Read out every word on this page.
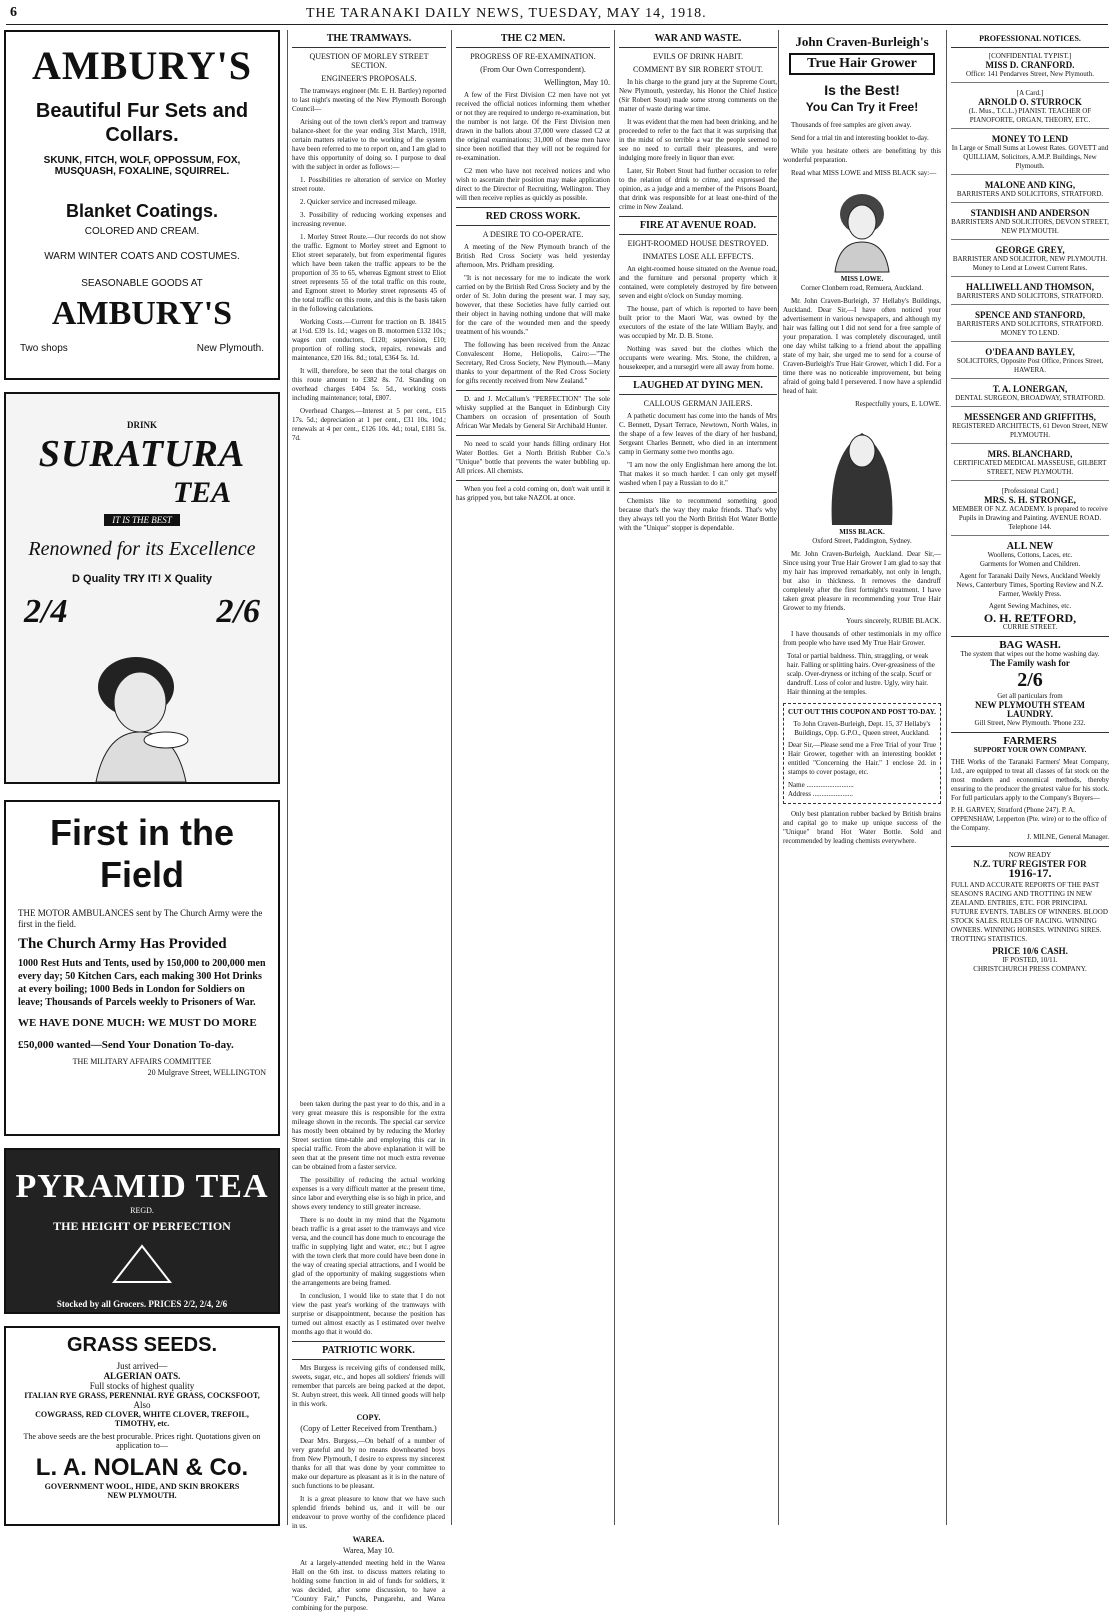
6	THE TARANAKI DAILY NEWS, TUESDAY, MAY 14, 1918.
AMBURY'S
Beautiful Fur Sets and Collars.
SKUNK, FITCH, WOLF, OPPOSSUM, FOX, MUSQUASH, FOXALINE, SQUIRREL.
Blanket Coatings.
COLORED AND CREAM.
WARM WINTER COATS AND COSTUMES.
SEASONABLE GOODS AT
AMBURY'S
Two shops	New Plymouth.
DRINK
SURATURA
TEA
IT IS THE BEST
Renowned for its Excellence
D Quality TRY IT! X Quality
2/4	2/6
First in the Field
THE MOTOR AMBULANCES sent by The Church Army were the first in the field.
The Church Army Has Provided
1000 Rest Huts and Tents, used by 150,000 to 200,000 men every day; 50 Kitchen Cars, each making 300 Hot Drinks at every boiling; 1000 Beds in London for Soldiers on leave; Thousands of Parcels weekly to Prisoners of War.
WE HAVE DONE MUCH: WE MUST DO MORE
£50,000 wanted—Send Your Donation To-day.
THE MILITARY AFFAIRS COMMITTEE
20 Mulgrave Street, WELLINGTON
PYRAMID TEA
REGD.
THE HEIGHT OF PERFECTION
Stocked by all Grocers. PRICES 2/2, 2/4, 2/6
GRASS SEEDS.
Just arrived—
ALGERIAN OATS.
Full stocks of highest quality
ITALIAN RYE GRASS, PERENNIAL RYE GRASS, COCKSFOOT,
Also
COWGRASS, RED CLOVER, WHITE CLOVER, TREFOIL, TIMOTHY, etc.
The above seeds are the best procurable. Prices right. Quotations given on application to—
L. A. NOLAN & Co.
GOVERNMENT WOOL, HIDE, AND SKIN BROKERS
NEW PLYMOUTH.
THE TRAMWAYS.
QUESTION OF MORLEY STREET SECTION.
ENGINEER'S PROPOSALS.

The tramways engineer (Mr. E. H. Bartley) reported to last night's meeting of the New Plymouth Borough Council—

Arising out of the town clerk's report and tramway balance-sheet for the year ending 31st March, 1918, certain matters relative to the working of the system have been referred to me to report on, and I am glad to have this opportunity of doing so. I purpose to deal with the subject in order as follows:—

1. Possibilities re alteration of service on Morley street route.

2. Quicker service and increased mileage.

3. Possibility of reducing working expenses and increasing revenue.

1. Morley Street Route.—Our records do not show the traffic. Egmont to Morley street and Egmont to Eliot street separately, but from experimental figures which have been taken the traffic appears to be the proportion of 35 to 65, whereas Egmont street to Eliot street represents 55 of the total traffic on this route, and Egmont street to Morley street represents 45 of the total traffic on this route, and this is the basis taken in the following calculations.

Working Costs.—Current for traction on B. 18415 at 1½d. £39 1s. 1d.; wages on B. motormen £132 10s.; wages cutt conductors, £120; supervision, £10; proportion of rolling stock, repairs, renewals and maintenance, £20 16s. 8d.; total, £364 5s. 1d.

It will, therefore, be seen that the total charges on this route amount to £382 8s. 7d. Standing on overhead charges £404 5s. 5d., working costs including maintenance; total, £807.

Overhead Charges.—Interest at 5 per cent., £15 17s. 5d.; depreciation at 1 per cent., £31 10s. 10d.; renewals at 4 per cent., £126 10s. 4d.; total, £181 5s. 7d.

been taken during the past year to do this, and in a very great measure this is responsible for the extra mileage shown in the records. The special car service has mostly been obtained by by reducing the Morley Street section time-table and employing this car in special traffic. From the above explanation it will be seen that at the present time not much extra revenue can be obtained from a faster service.

The possibility of reducing the actual working expenses is a very difficult matter at the present time, since labor and everything else is so high in price, and shows every tendency to still greater increase.

There is no doubt in my mind that the Ngamotu beach traffic is a great asset to the tramways and vice versa, and the council has done much to encourage the traffic in supplying light and water, etc.; but I agree with the town clerk that more could have been done in the way of creating special attractions, and I would be glad of the opportunity of making suggestions when the arrangements are being framed.

In conclusion, I would like to state that I do not view the past year's working of the tramways with surprise or disappointment, because the position has turned out almost exactly as I estimated over twelve months ago that it would do.

PATRIOTIC WORK.

Mrs Burgess is receiving gifts of condensed milk, sweets, sugar, etc., and hopes all soldiers' friends will remember that parcels are being packed at the depot, St. Aubyn street, this week. All tinned goods will help in this work.

COPY.
(Copy of Letter Received from Trentham.)

Dear Mrs. Burgess,—On behalf of a number of very grateful and by no means downhearted boys from New Plymouth, I desire to express my sincerest thanks for all that was done by your committee to make our departure as pleasant as it is in the nature of such functions to be pleasant.

It is a great pleasure to know that we have such splendid friends behind us, and it will be our endeavour to prove worthy of the confidence placed in us.

WAREA.
Warea, May 10.

At a largely-attended meeting held in the Warea Hall on the 6th inst. to discuss matters relating to holding some function in aid of funds for soldiers, it was decided, after some discussion, to have a "Country Fair," Punchs, Pungarehu, and Warea combining for the purpose.

THE C2 MEN.
PROGRESS OF RE-EXAMINATION.
(From Our Own Correspondent).
Wellington, May 10.

A few of the First Division C2 men have not yet received the official notices informing them whether or not they are required to undergo re-examination, but the number is not large. Of the First Division men drawn in the ballots about 37,000 were classed C2 at the original examinations; 31,000 of these men have since been notified that they will not be required for re-examination.

C2 men who have not received notices and who wish to ascertain their position may make application direct to the Director of Recruiting, Wellington. They will then receive replies as quickly as possible.

RED CROSS WORK.
A DESIRE TO CO-OPERATE.

A meeting of the New Plymouth branch of the British Red Cross Society was held yesterday afternoon, Mrs. Pridham presiding.

"It is not necessary for me to indicate the work carried on by the British Red Cross Society and by the order of St. John during the present war. I may say, however, that these Societies have fully carried out their object in having nothing undone that will make for the care of the wounded men and the speedy treatment of his wounds."

The following has been received from the Anzac Convalescent Home, Heliopolis, Cairo:—"The Secretary, Red Cross Society, New Plymouth.—Many thanks to your department of the Red Cross Society for gifts recently received from New Zealand."

D. and J. McCallum's "PERFECTION" The sole whisky supplied at the Banquet in Edinburgh City Chambers on occasion of presentation of South African War Medals by General Sir Archibald Hunter.

No need to scald your hands filling ordinary Hot Water Bottles. Get a North British Rubber Co.'s "Unique" bottle that prevents the water bubbling up. All prices. All chemists.

When you feel a cold coming on, don't wait until it has gripped you, but take NAZOL at once.

WAR AND WASTE.
EVILS OF DRINK HABIT.
COMMENT BY SIR ROBERT STOUT.

In his charge to the grand jury at the Supreme Court, New Plymouth, yesterday, his Honor the Chief Justice (Sir Robert Stout) made some strong comments on the matter of waste during war time.

It was evident that the men had been drinking, and he proceeded to refer to the fact that it was surprising that in the midst of so terrible a war the people seemed to see no need to curtail their pleasures, and were indulging more freely in liquor than ever.

Later, Sir Robert Stout had further occasion to refer to the relation of drink to crime, and expressed the opinion, as a judge and a member of the Prisons Board, that drink was responsible for at least one-third of the crime in New Zealand.

FIRE AT AVENUE ROAD.
EIGHT-ROOMED HOUSE DESTROYED.
INMATES LOSE ALL EFFECTS.

An eight-roomed house situated on the Avenue road, and the furniture and personal property which it contained, were completely destroyed by fire between seven and eight o'clock on Sunday morning.

The house, part of which is reported to have been built prior to the Maori War, was owned by the executors of the estate of the late William Bayly, and was occupied by Mr. D. B. Stone.

Nothing was saved but the clothes which the occupants were wearing. Mrs. Stone, the children, a housekeeper, and a nursegirl were all away from home.

LAUGHED AT DYING MEN.
CALLOUS GERMAN JAILERS.

A pathetic document has come into the hands of Mrs C. Bennett, Dysart Terrace, Newtown, North Wales, in the shape of a few leaves of the diary of her husband, Sergeant Charles Bennett, who died in an internment camp in Germany some two months ago.

"I am now the only Englishman here among the lot. That makes it so much harder. I can only get myself washed when I pay a Russian to do it."

Chemists like to recommend something good because that's the way they make friends. That's why they always tell you the North British Hot Water Bottle with the "Unique" stopper is dependable.

PROFESSIONAL NOTICES.
[CONFIDENTIAL TYPIST.]
MISS D. CRANFORD.
Office: 141 Pendarves Street, New Plymouth.
[A Card.]
ARNOLD O. STURROCK
(L. Mus., T.C.L.) PIANIST. TEACHER OF PIANOFORTE, ORGAN, THEORY, ETC.
MONEY TO LEND
In Large or Small Sums at Lowest Rates. GOVETT and QUILLIAM, Solicitors, A.M.P. Buildings, New Plymouth.
MALONE AND KING,
BARRISTERS AND SOLICITORS, STRATFORD.
STANDISH AND ANDERSON
BARRISTERS AND SOLICITORS, DEVON STREET, NEW PLYMOUTH.
GEORGE GREY,
BARRISTER AND SOLICITOR, NEW PLYMOUTH. Money to Lend at Lowest Current Rates.
HALLIWELL AND THOMSON,
BARRISTERS AND SOLICITORS, STRATFORD.
SPENCE AND STANFORD,
BARRISTERS AND SOLICITORS, STRATFORD. MONEY TO LEND.
O'DEA AND BAYLEY,
SOLICITORS, Opposite Post Office, Princes Street, HAWERA.
T. A. LONERGAN,
DENTAL SURGEON, BROADWAY, STRATFORD.
MESSENGER AND GRIFFITHS,
REGISTERED ARCHITECTS, 61 Devon Street, NEW PLYMOUTH.
MRS. BLANCHARD,
CERTIFICATED MEDICAL MASSEUSE, GILBERT STREET, NEW PLYMOUTH.
[Professional Card.]
MRS. S. H. STRONGE,
MEMBER OF N.Z. ACADEMY. Is prepared to receive Pupils in Drawing and Painting. AVENUE ROAD. Telephone 144.
ALL NEW
Woollens, Cottons, Laces, etc.
Garments for Women and Children.
Agent for Taranaki Daily News, Auckland Weekly News, Canterbury Times, Sporting Review and N.Z. Farmer, Weekly Press.
Agent Sewing Machines, etc.
O. H. RETFORD,
CURRIE STREET.
BAG WASH.
The system that wipes out the home washing day.
The Family wash for
2/6
Get all particulars from
NEW PLYMOUTH STEAM LAUNDRY.
Gill Street, New Plymouth. 'Phone 232.
FARMERS
SUPPORT YOUR OWN COMPANY.
THE Works of the Taranaki Farmers' Meat Company, Ltd., are equipped to treat all classes of fat stock on the most modern and economical methods, thereby ensuring to the producer the greatest value for his stock. For full particulars apply to the Company's Buyers—
P. H. GARVEY, Stratford (Phone 247). P. A. OPPENSHAW, Lepperton (Pte. wire) or to the office of the Company.
J. MILNE, General Manager.
NOW READY
N.Z. TURF REGISTER FOR
1916-17.
FULL AND ACCURATE REPORTS OF THE PAST SEASON'S RACING AND TROTTING IN NEW ZEALAND. ENTRIES, ETC. FOR PRINCIPAL FUTURE EVENTS. TABLES OF WINNERS. BLOOD STOCK SALES. RULES OF RACING. WINNING OWNERS. WINNING HORSES. WINNING SIRES. TROTTING STATISTICS.
PRICE 10/6 CASH.
IF POSTED, 10/11.
CHRISTCHURCH PRESS COMPANY.
John Craven-Burleigh's
True Hair Grower
Is the Best!
You Can Try it Free!

Thousands of free samples are given away.

Send for a trial tin and interesting booklet to-day.

While you hesitate others are benefitting by this wonderful preparation.

Read what MISS LOWE and MISS BLACK say:—

MISS LOWE.
Corner Clonbern road, Remuera, Auckland.

Mr. John Craven-Burleigh, 37 Hellaby's Buildings, Auckland. Dear Sir,—I have often noticed your advertisement in various newspapers, and although my hair was falling out I did not send for a free sample of your preparation. I was completely discouraged, until one day whilst talking to a friend about the appalling state of my hair, she urged me to send for a course of Craven-Burleigh's True Hair Grower, which I did. For a time there was no noticeable improvement, but being afraid of going bald I persevered. I now have a splendid head of hair.

Respectfully yours, E. LOWE.
MISS BLACK.
Oxford Street, Paddington, Sydney.

Mr. John Craven-Burleigh, Auckland. Dear Sir,—Since using your True Hair Grower I am glad to say that my hair has improved remarkably, not only in length, but also in thickness. It removes the dandruff completely after the first fortnight's treatment. I have taken great pleasure in recommending your True Hair Grower to my friends.

Yours sincerely, RUBIE BLACK.

I have thousands of other testimonials in my office from people who have used My True Hair Grower.

Total or partial baldness. Thin, straggling, or weak hair. Falling or splitting hairs. Over-greasiness of the scalp. Over-dryness or itching of the scalp. Scurf or dandruff. Loss of color and lustre. Ugly, wiry hair. Hair thinning at the temples.
CUT OUT THIS COUPON AND POST TO-DAY.
To John Craven-Burleigh, Dept. 15, 37 Hellaby's Buildings, Opp. G.P.O., Queen street, Auckland.
Dear Sir,—Please send me a Free Trial of your True Hair Grower, together with an interesting booklet entitled "Concerning the Hair." I enclose 2d. in stamps to cover postage, etc.
Name ...........................
Address .......................

Only best plantation rubber backed by British brains and capital go to make up unique success of the "Unique" brand Hot Water Bottle. Sold and recommended by leading chemists everywhere.
